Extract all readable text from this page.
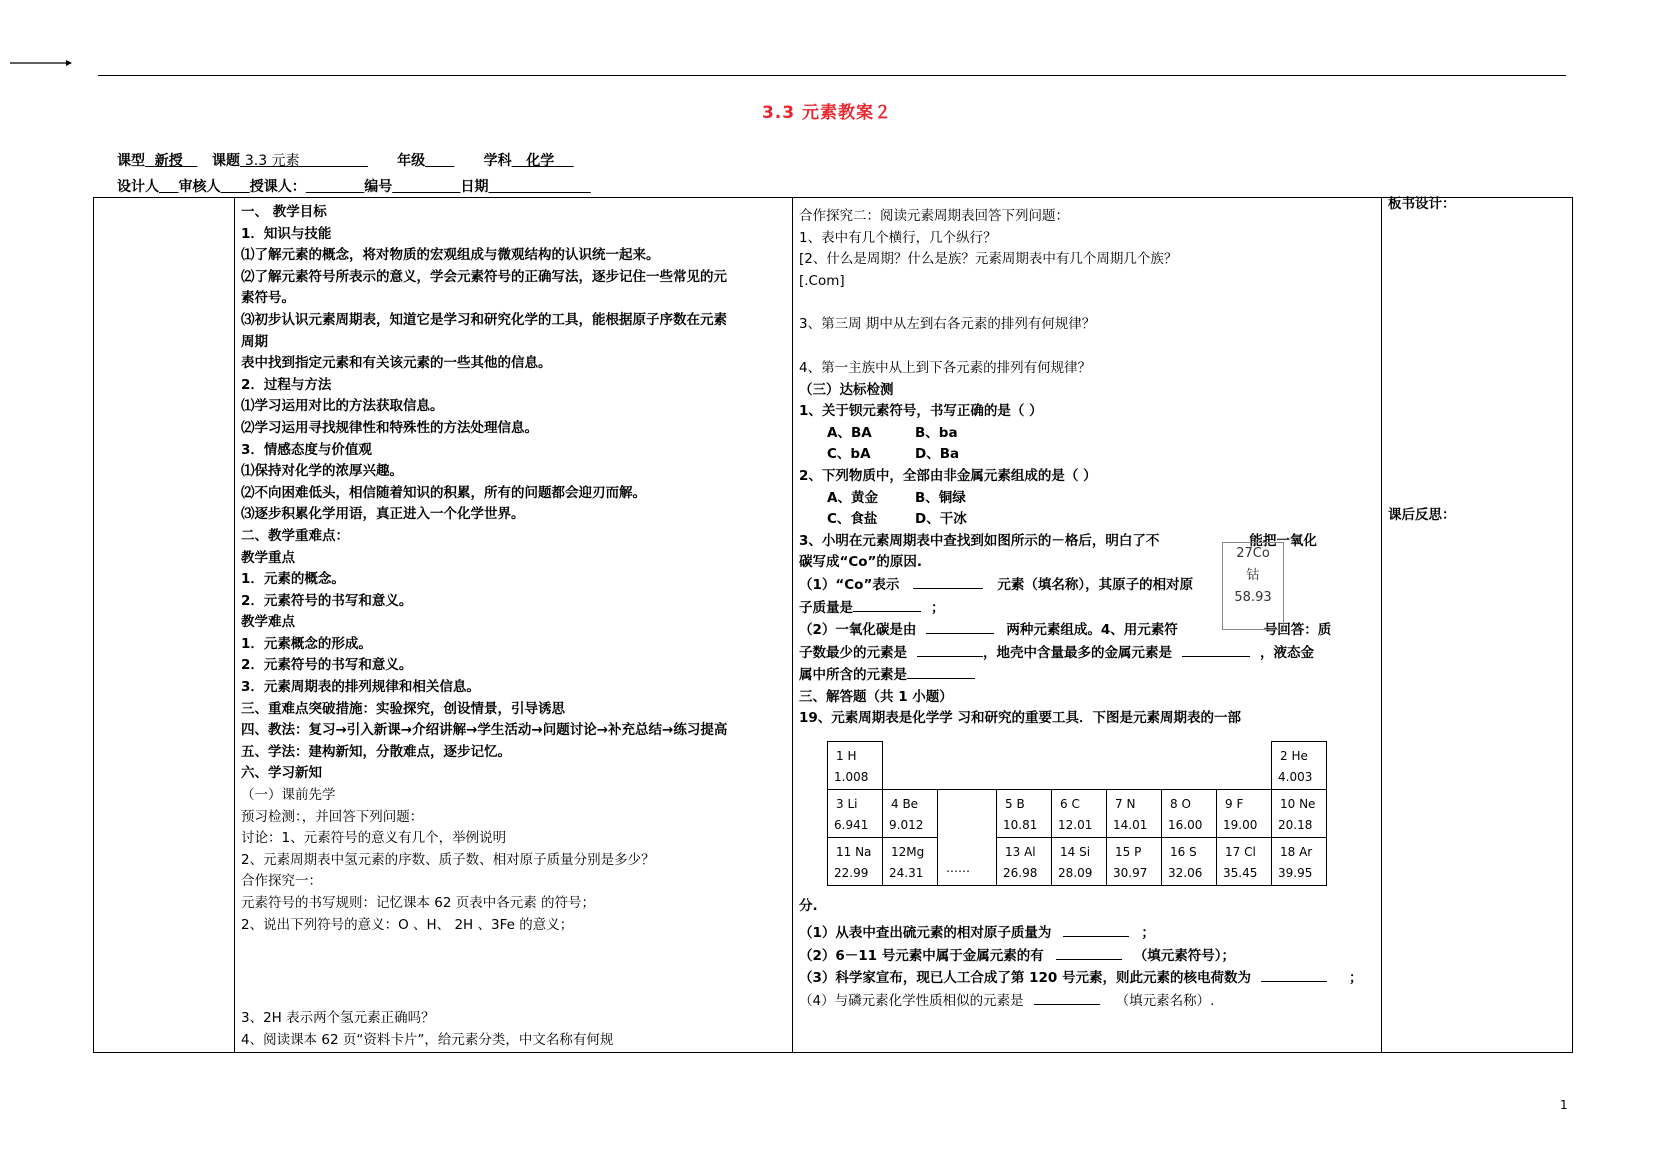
3.3 元素教案２
课型 新授 课题 3.3 元素	年级	学科 化学
设计人 审核人 授课人：	编号	日期

一、 教学目标

1．知识与技能

⑴了解元素的概念，将对物质的宏观组成与微观结构的认识统一起来。

⑵了解元素符号所表示的意义，学会元素符号的正确写法，逐步记住一些常见的元

素符号。

⑶初步认识元素周期表，知道它是学习和研究化学的工具，能根据原子序数在元素

周期

表中找到指定元素和有关该元素的一些其他的信息。

2．过程与方法

⑴学习运用对比的方法获取信息。

⑵学习运用寻找规律性和特殊性的方法处理信息。

3．情感态度与价值观

⑴保持对化学的浓厚兴趣。

⑵不向困难低头，相信随着知识的积累，所有的问题都会迎刃而解。

⑶逐步积累化学用语，真正进入一个化学世界。

二、教学重难点：

教学重点

1．元素的概念。

2．元素符号的书写和意义。

教学难点

1．元素概念的形成。

2．元素符号的书写和意义。

3．元素周期表的排列规律和相关信息。

三、重难点突破措施：实验探究，创设情景，引导诱思

四、教法：复习→引入新课→介绍讲解→学生活动→问题讨论→补充总结→练习提高

五、学法：建构新知，分散难点，逐步记忆。

六、学习新知

（一）课前先学

预习检测：，并回答下列问题：

讨论：1、元素符号的意义有几个，举例说明

2、元素周期表中氢元素的序数、质子数、相对原子质量分别是多少？

合作探究一：

元素符号的书写规则：记忆课本 62 页表中各元素 的符号；

2、说出下列符号的意义：O 、H、 2H 、3Fe 的意义；

3、2H 表示两个氢元素正确吗？

4、阅读课本 62 页“资料卡片”，给元素分类，中文名称有何规

合作探究二：阅读元素周期表回答下列问题：

1、表中有几个横行，几个纵行？

[2、什么是周期？什么是族？元素周期表中有几个周期几个族？

[.Com]

3、第三周 期中从左到右各元素的排列有何规律？

4、第一主族中从上到下各元素的排列有何规律？

（三）达标检测

1、关于钡元素符号，书写正确的是（ ）

A、BA	B、ba

C、bA	D、Ba

2、下列物质中，全部由非金属元素组成的是（ ）

A、黄金	B、铜绿

C、食盐	D、干冰

3、小明在元素周期表中查找到如图所示的－格后，明白了不	能把一氧化

碳写成“Co”的原因.

（1）“Co”表示	元素（填名称），其原子的相对原

子质量是	；

（2）一氧化碳是由	两种元素组成。4、用元素符	号回答：质

子数最少的元素是	，地壳中含量最多的金属元素是	，液态金

属中所含的元素是

三、解答题（共 1 小题）

19、元素周期表是化学学 习和研究的重要工具．下图是元素周期表的一部

27Co
钴
58.93
1 H
1.008								2 He
4.003

3 Li
6.941	4 Be
9.012	……	5 B
10.81	6 C
12.01	7 N
14.01	8 O
16.00	9 F
19.00	10 Ne
20.18

11 Na
22.99	12Mg
24.31		13 Al
26.98	14 Si
28.09	15 P
30.97	16 S
32.06	17 Cl
35.45	18 Ar
39.95

分.

（1）从表中查出硫元素的相对原子质量为	；

（2）6－11 号元素中属于金属元素的有	（填元素符号）；

（3）科学家宣布，现已人工合成了第 120 号元素，则此元素的核电荷数为	；

（4）与磷元素化学性质相似的元素是	（填元素名称）.

板书设计：

课后反思：

1
